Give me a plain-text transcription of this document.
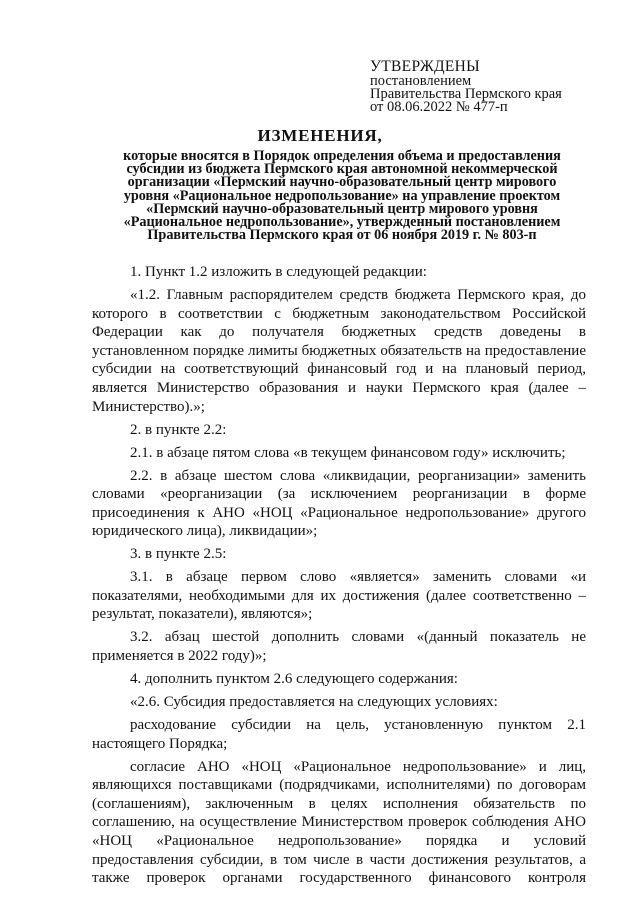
УТВЕРЖДЕНЫ
постановлением
Правительства Пермского края
от 08.06.2022 № 477-п
ИЗМЕНЕНИЯ,
которые вносятся в Порядок определения объема и предоставления
субсидии из бюджета Пермского края автономной некоммерческой
организации «Пермский научно-образовательный центр мирового
уровня «Рациональное недропользование» на управление проектом
«Пермский научно-образовательный центр мирового уровня
«Рациональное недропользование», утвержденный постановлением
Правительства Пермского края от 06 ноября 2019 г. № 803-п

1. Пункт 1.2 изложить в следующей редакции:

«1.2. Главным распорядителем средств бюджета Пермского края, до которого в соответствии с бюджетным законодательством Российской Федерации как до получателя бюджетных средств доведены в установленном порядке лимиты бюджетных обязательств на предоставление субсидии на соответствующий финансовый год и на плановый период, является Министерство образования и науки Пермского края (далее – Министерство).»;

2. в пункте 2.2:

2.1. в абзаце пятом слова «в текущем финансовом году» исключить;

2.2. в абзаце шестом слова «ликвидации, реорганизации» заменить словами «реорганизации (за исключением реорганизации в форме присоединения к АНО «НОЦ «Рациональное недропользование» другого юридического лица), ликвидации»;

3. в пункте 2.5:

3.1. в абзаце первом слово «является» заменить словами «и показателями, необходимыми для их достижения (далее соответственно – результат, показатели), являются»;

3.2. абзац шестой дополнить словами «(данный показатель не применяется в 2022 году)»;

4. дополнить пунктом 2.6 следующего содержания:

«2.6. Субсидия предоставляется на следующих условиях:

расходование субсидии на цель, установленную пунктом 2.1 настоящего Порядка;

согласие АНО «НОЦ «Рациональное недропользование» и лиц, являющихся поставщиками (подрядчиками, исполнителями) по договорам (соглашениям), заключенным в целях исполнения обязательств по соглашению, на осуществление Министерством проверок соблюдения АНО «НОЦ «Рациональное недропользование» порядка и условий предоставления субсидии, в том числе в части достижения результатов, а также проверок органами государственного финансового контроля
